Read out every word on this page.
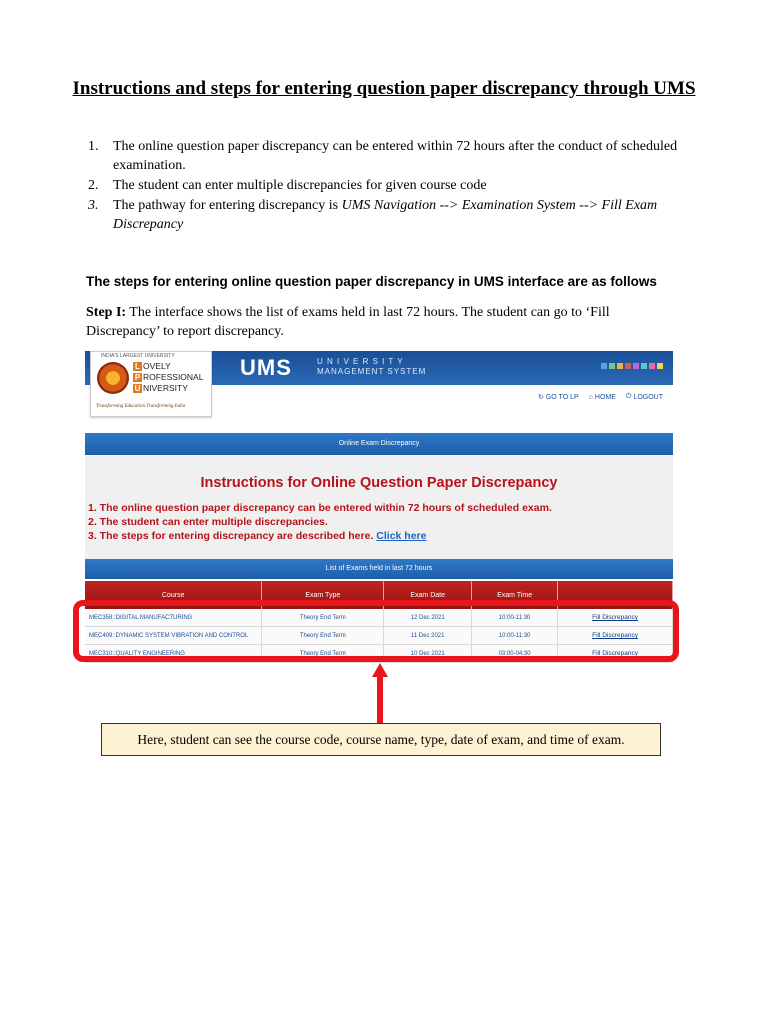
Instructions and steps for entering question paper discrepancy through UMS
1. The online question paper discrepancy can be entered within 72 hours after the conduct of scheduled examination.
2. The student can enter multiple discrepancies for given course code
3. The pathway for entering discrepancy is UMS Navigation --> Examination System --> Fill Exam Discrepancy
The steps for entering online question paper discrepancy in UMS interface are as follows
Step I: The interface shows the list of exams held in last 72 hours. The student can go to ‘Fill Discrepancy’ to report discrepancy.
UMS	U N I V E R S I T Y
MANAGEMENT SYSTEM
INDIA'S LARGEST UNIVERSITY
L OVELY
P ROFESSIONAL
U NIVERSITY
Transforming Education Transforming India
↻ GO TO LP ⌂ HOME ⏻ LOGOUT
Online Exam Discrepancy
Instructions for Online Question Paper Discrepancy
1. The online question paper discrepancy can be entered within 72 hours of scheduled exam.
2. The student can enter multiple discrepancies.
3. The steps for entering discrepancy are described here. Click here
List of Exams held in last 72 hours
Course	Exam Type	Exam Date	Exam Time	
MEC358::DIGITAL MANUFACTURING	Theory End Term	12 Dec 2021	10:00-11:30	Fill Discrepancy
MEC409::DYNAMIC SYSTEM VIBRATION AND CONTROL	Theory End Term	11 Dec 2021	10:00-11:30	Fill Discrepancy
MEC310::QUALITY ENGINEERING	Theory End Term	10 Dec 2021	03:00-04:30	Fill Discrepancy
Here, student can see the course code, course name, type, date of exam, and time of exam.
